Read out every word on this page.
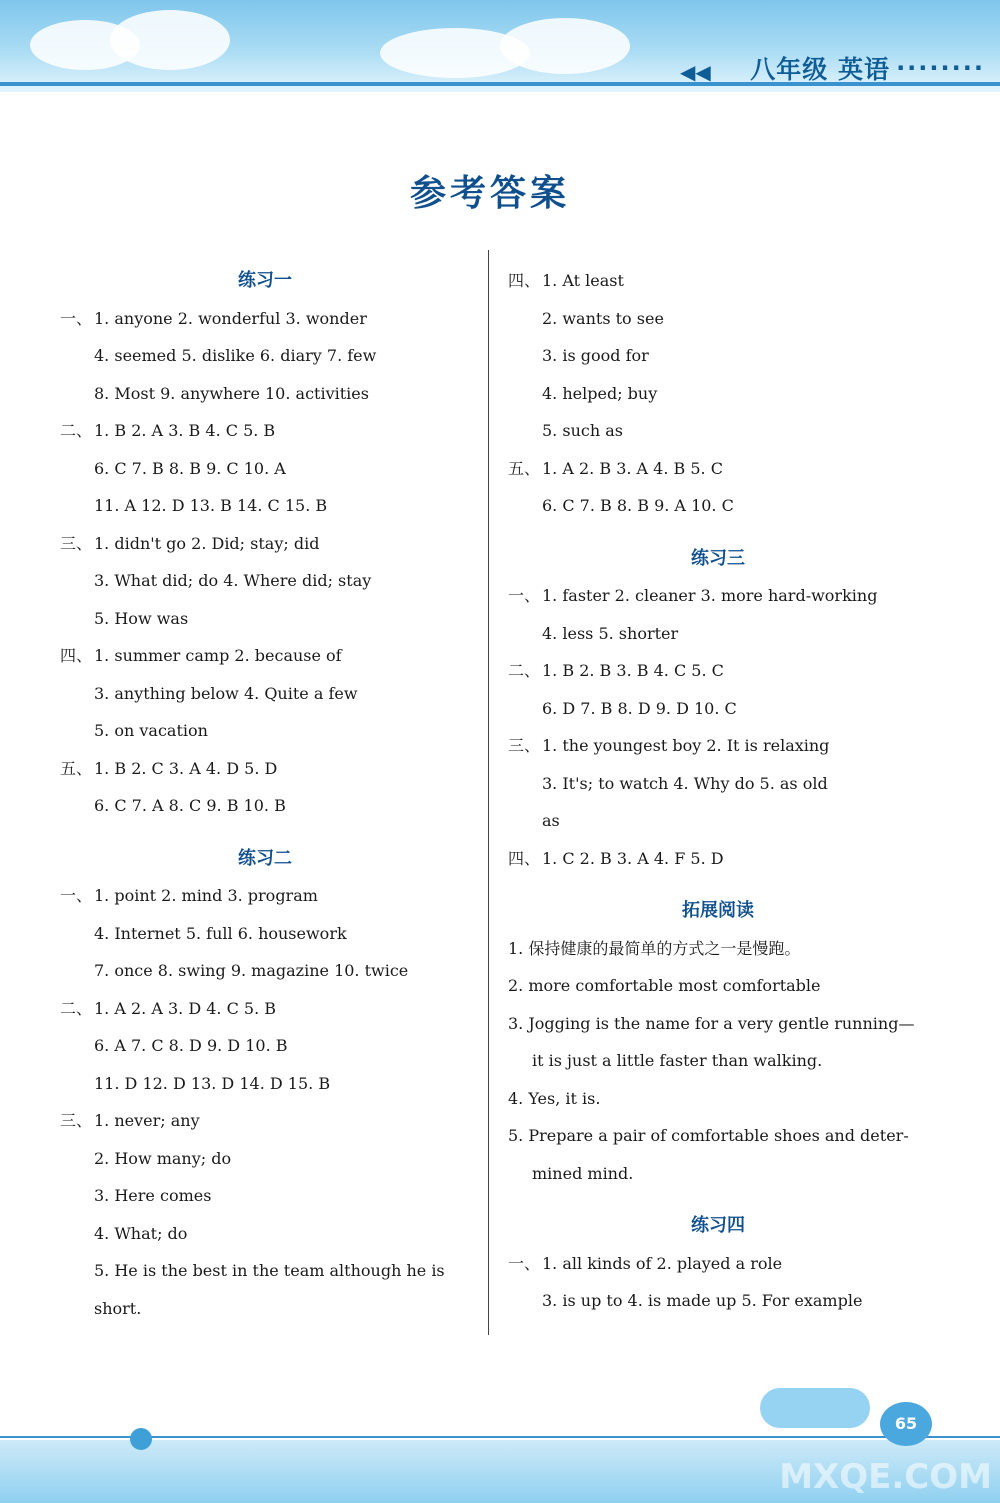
◀◀ 八年级 英语 ........
参考答案
练习一
一、 1. anyone 2. wonderful 3. wonder
4. seemed 5. dislike 6. diary 7. few
8. Most 9. anywhere 10. activities
二、 1. B 2. A 3. B 4. C 5. B
6. C 7. B 8. B 9. C 10. A
11. A 12. D 13. B 14. C 15. B
三、 1. didn't go 2. Did; stay; did
3. What did; do 4. Where did; stay
5. How was
四、 1. summer camp 2. because of
3. anything below 4. Quite a few
5. on vacation
五、 1. B 2. C 3. A 4. D 5. D
6. C 7. A 8. C 9. B 10. B
练习二
一、 1. point 2. mind 3. program
4. Internet 5. full 6. housework
7. once 8. swing 9. magazine 10. twice
二、 1. A 2. A 3. D 4. C 5. B
6. A 7. C 8. D 9. D 10. B
11. D 12. D 13. D 14. D 15. B
三、 1. never; any
2. How many; do
3. Here comes
4. What; do
5. He is the best in the team although he is
short.
四、 1. At least
2. wants to see
3. is good for
4. helped; buy
5. such as
五、 1. A 2. B 3. A 4. B 5. C
6. C 7. B 8. B 9. A 10. C
练习三
一、 1. faster 2. cleaner 3. more hard-working
4. less 5. shorter
二、 1. B 2. B 3. B 4. C 5. C
6. D 7. B 8. D 9. D 10. C
三、 1. the youngest boy 2. It is relaxing
3. It's; to watch 4. Why do 5. as old
as
四、 1. C 2. B 3. A 4. F 5. D
拓展阅读
1. 保持健康的最简单的方式之一是慢跑。
2. more comfortable most comfortable
3. Jogging is the name for a very gentle running—
it is just a little faster than walking.
4. Yes, it is.
5. Prepare a pair of comfortable shoes and deter-
mined mind.
练习四
一、 1. all kinds of 2. played a role
3. is up to 4. is made up 5. For example
65
MXQE.COM
